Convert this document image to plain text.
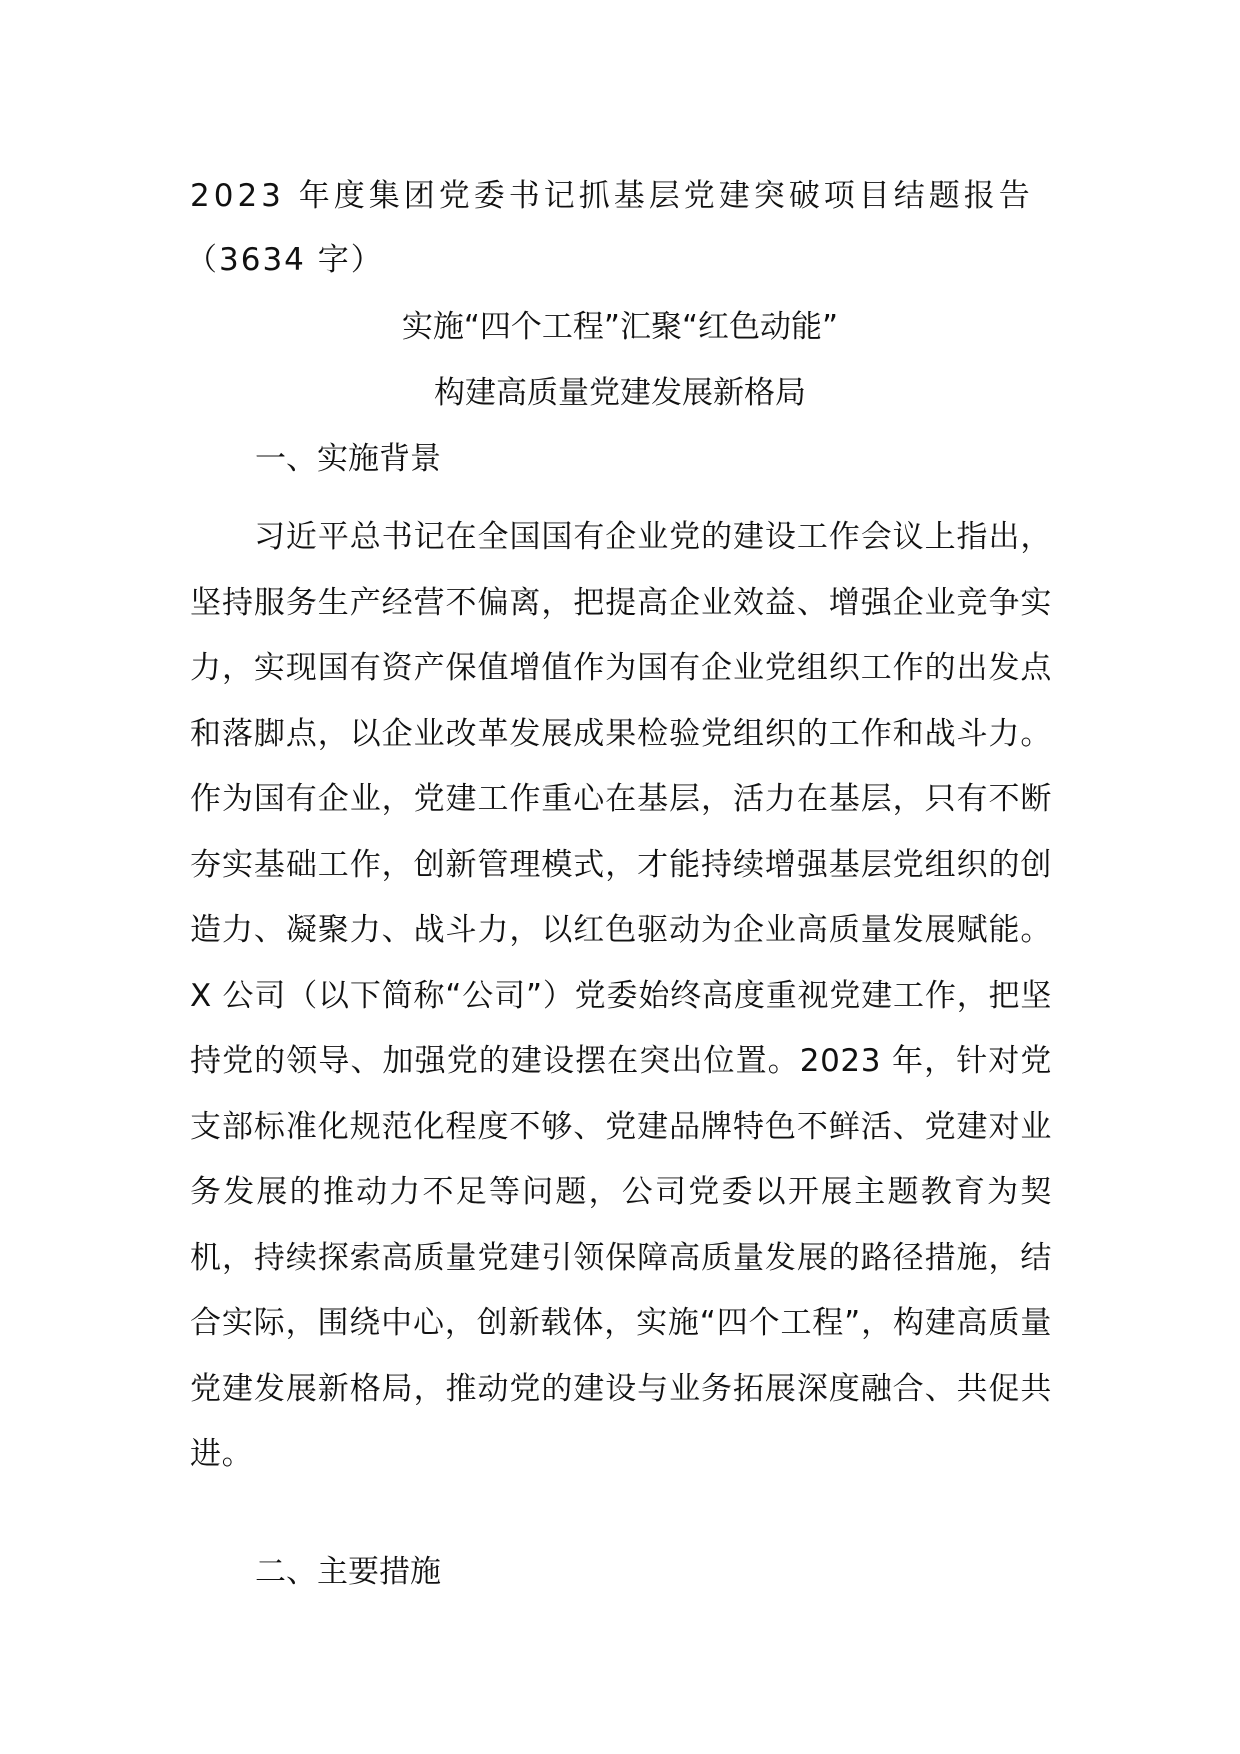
2023 年度集团党委书记抓基层党建突破项目结题报告
（3634 字）
实施“四个工程”汇聚“红色动能”
构建高质量党建发展新格局
一、实施背景
习近平总书记在全国国有企业党的建设工作会议上指出，坚持服务生产经营不偏离，把提高企业效益、增强企业竞争实力，实现国有资产保值增值作为国有企业党组织工作的出发点和落脚点，以企业改革发展成果检验党组织的工作和战斗力。作为国有企业，党建工作重心在基层，活力在基层，只有不断夯实基础工作，创新管理模式，才能持续增强基层党组织的创造力、凝聚力、战斗力，以红色驱动为企业高质量发展赋能。X 公司（以下简称“公司”）党委始终高度重视党建工作，把坚持党的领导、加强党的建设摆在突出位置。2023 年，针对党支部标准化规范化程度不够、党建品牌特色不鲜活、党建对业务发展的推动力不足等问题，公司党委以开展主题教育为契机，持续探索高质量党建引领保障高质量发展的路径措施，结合实际，围绕中心，创新载体，实施“四个工程”，构建高质量党建发展新格局，推动党的建设与业务拓展深度融合、共促共进。
二、主要措施
